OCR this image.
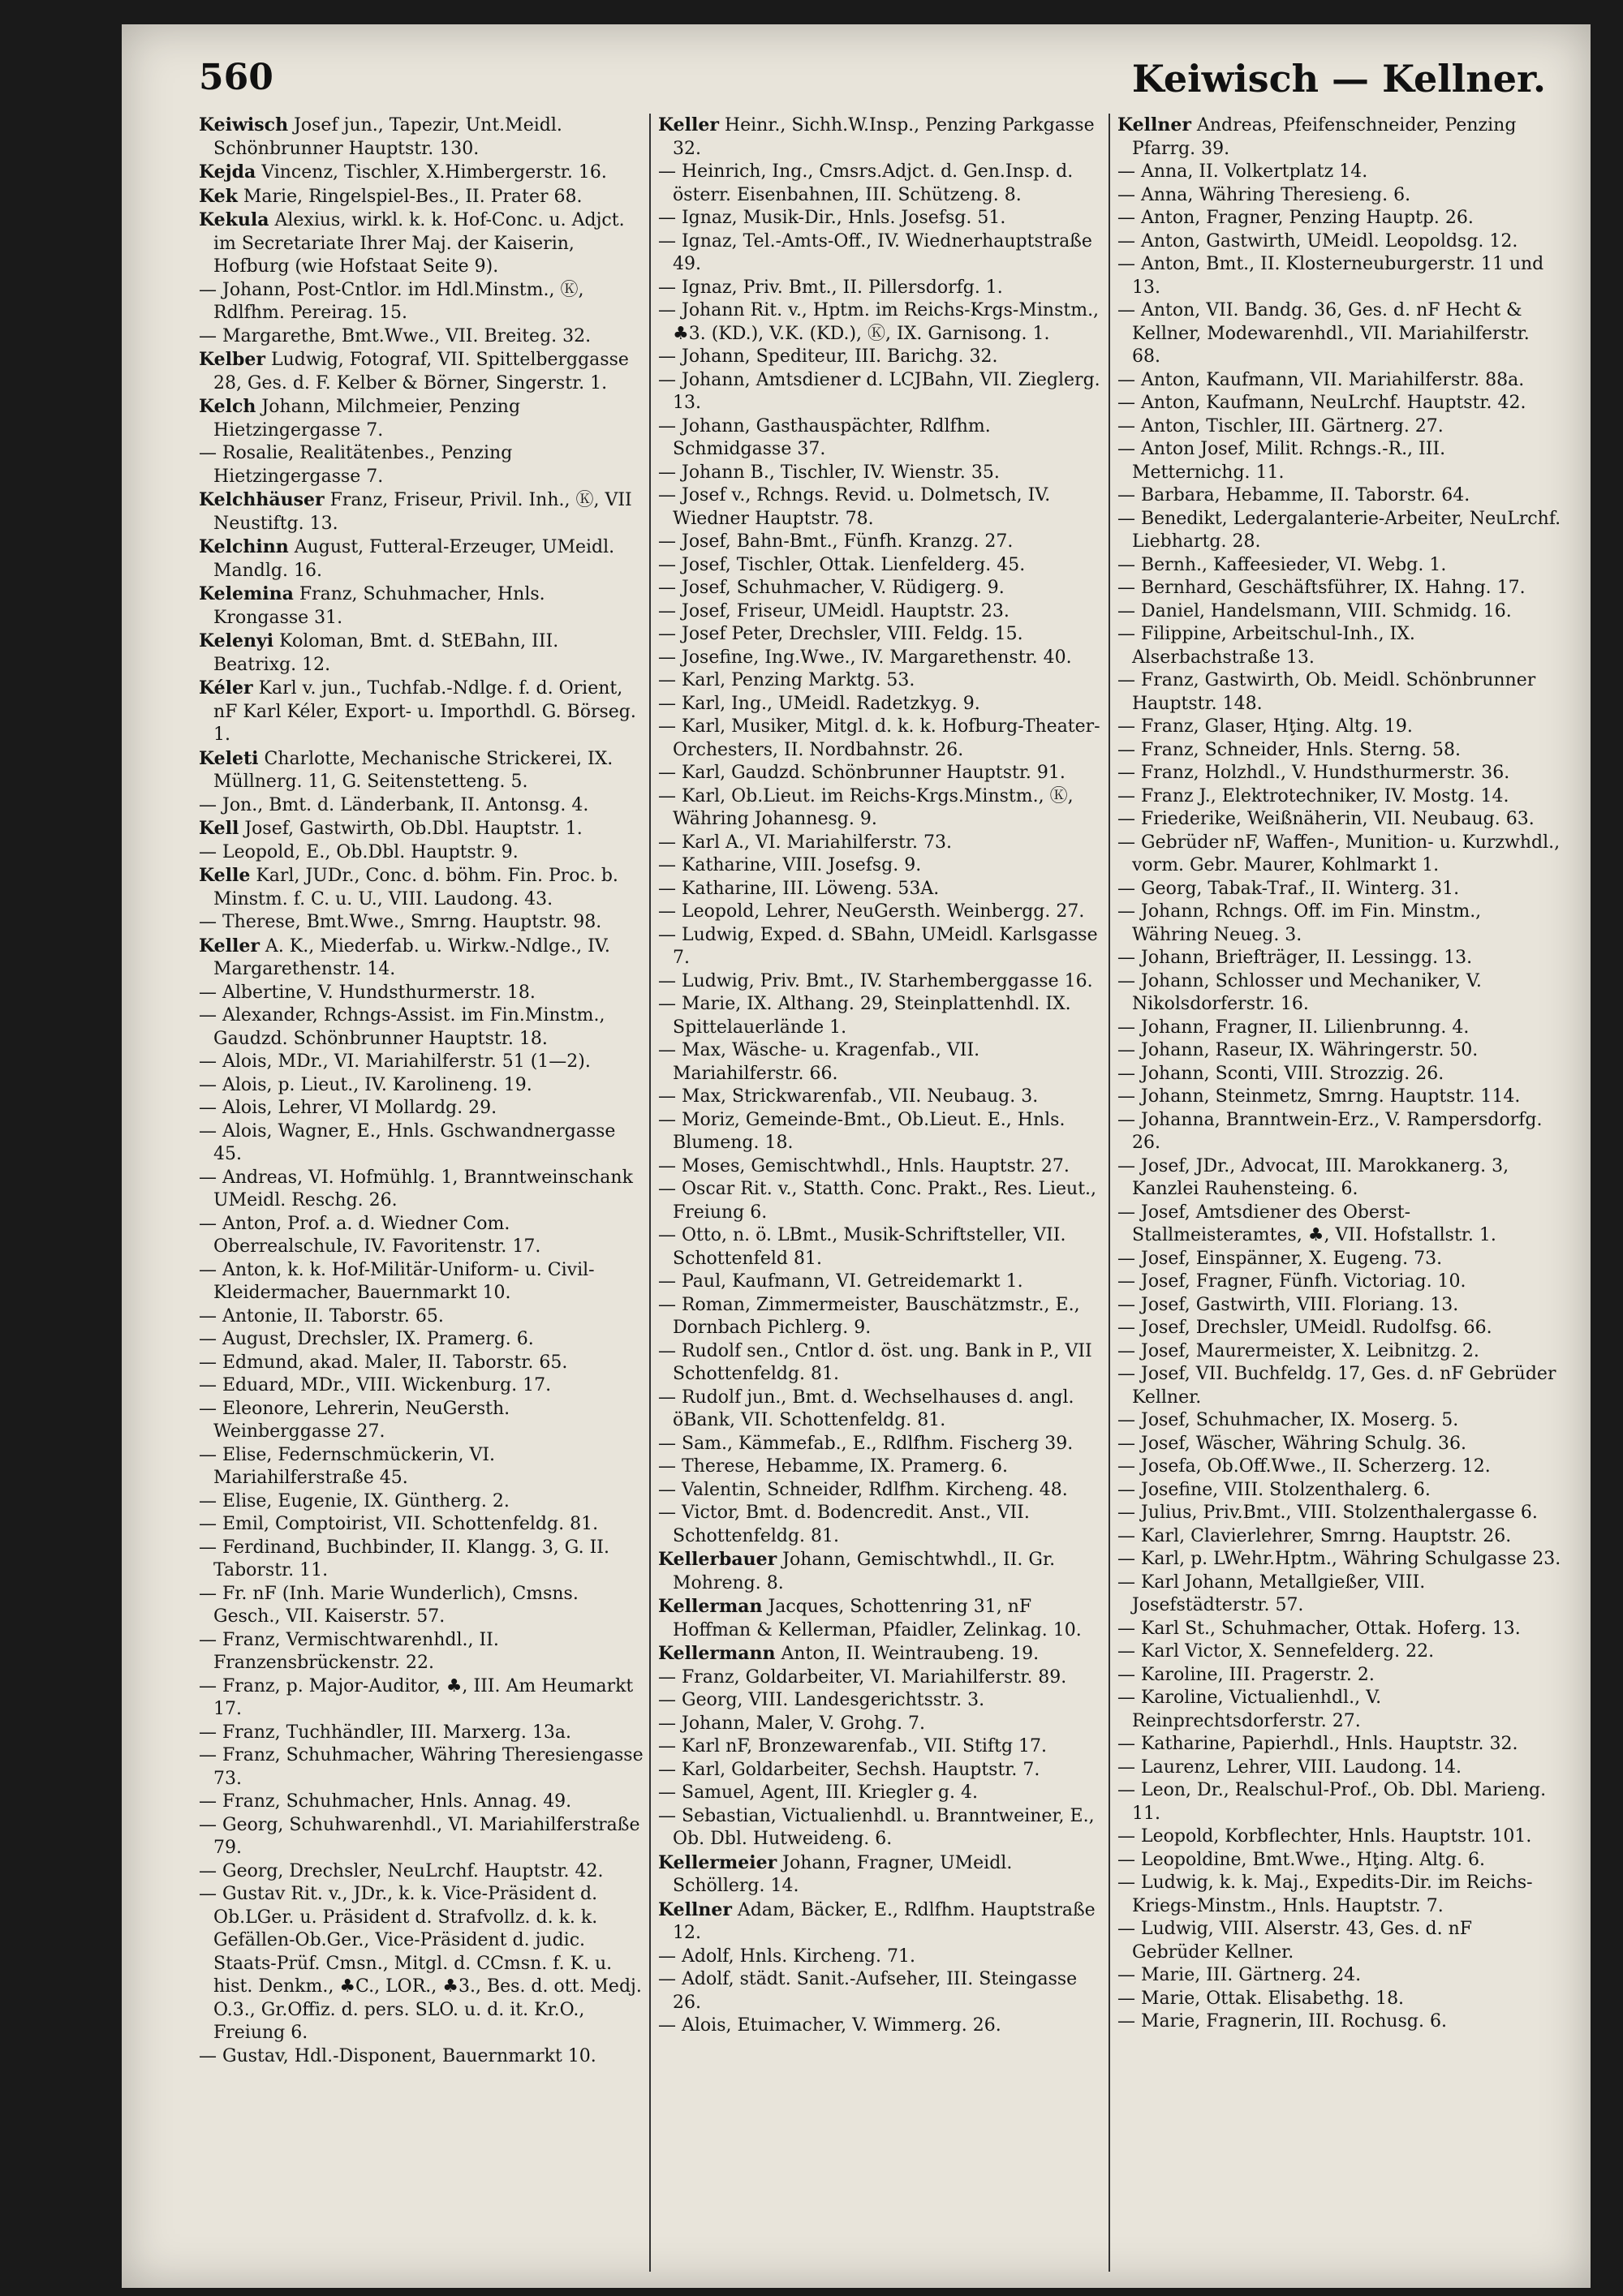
560	Keiwisch — Kellner.
Keiwisch Josef jun., Tapezir, Unt.Meidl. Schönbrunner Hauptstr. 130.
Kejda Vincenz, Tischler, X.Himbergerstr. 16.
Kek Marie, Ringelspiel-Bes., II. Prater 68.
Kekula Alexius, wirkl. k. k. Hof-Conc. u. Adjct. im Secretariate Ihrer Maj. der Kaiserin, Hofburg (wie Hofstaat Seite 9).
— Johann, Post-Cntlor. im Hdl.Minstm., Ⓚ, Rdlfhm. Pereirag. 15.
— Margarethe, Bmt.Wwe., VII. Breiteg. 32.
Kelber Ludwig, Fotograf, VII. Spittelberggasse 28, Ges. d. F. Kelber & Börner, Singerstr. 1.
Kelch Johann, Milchmeier, Penzing Hietzingergasse 7.
— Rosalie, Realitätenbes., Penzing Hietzingergasse 7.
Kelchhäuser Franz, Friseur, Privil. Inh., Ⓚ, VII Neustiftg. 13.
Kelchinn August, Futteral-Erzeuger, UMeidl. Mandlg. 16.
Kelemina Franz, Schuhmacher, Hnls. Krongasse 31.
Kelenyi Koloman, Bmt. d. StEBahn, III. Beatrixg. 12.
Kéler Karl v. jun., Tuchfab.-Ndlge. f. d. Orient, nF Karl Kéler, Export- u. Importhdl. G. Börseg. 1.
Keleti Charlotte, Mechanische Strickerei, IX. Müllnerg. 11, G. Seitenstetteng. 5.
— Jon., Bmt. d. Länderbank, II. Antonsg. 4.
Kell Josef, Gastwirth, Ob.Dbl. Hauptstr. 1.
— Leopold, E., Ob.Dbl. Hauptstr. 9.
Kelle Karl, JUDr., Conc. d. böhm. Fin. Proc. b. Minstm. f. C. u. U., VIII. Laudong. 43.
— Therese, Bmt.Wwe., Smrng. Hauptstr. 98.
Keller A. K., Miederfab. u. Wirkw.-Ndlge., IV. Margarethenstr. 14.
— Albertine, V. Hundsthurmerstr. 18.
— Alexander, Rchngs-Assist. im Fin.Minstm., Gaudzd. Schönbrunner Hauptstr. 18.
— Alois, MDr., VI. Mariahilferstr. 51 (1—2).
— Alois, p. Lieut., IV. Karolineng. 19.
— Alois, Lehrer, VI Mollardg. 29.
— Alois, Wagner, E., Hnls. Gschwandnergasse 45.
— Andreas, VI. Hofmühlg. 1, Branntweinschank UMeidl. Reschg. 26.
— Anton, Prof. a. d. Wiedner Com. Oberrealschule, IV. Favoritenstr. 17.
— Anton, k. k. Hof-Militär-Uniform- u. Civil-Kleidermacher, Bauernmarkt 10.
— Antonie, II. Taborstr. 65.
— August, Drechsler, IX. Pramerg. 6.
— Edmund, akad. Maler, II. Taborstr. 65.
— Eduard, MDr., VIII. Wickenburg. 17.
— Eleonore, Lehrerin, NeuGersth. Weinberggasse 27.
— Elise, Federnschmückerin, VI. Mariahilferstraße 45.
— Elise, Eugenie, IX. Güntherg. 2.
— Emil, Comptoirist, VII. Schottenfeldg. 81.
— Ferdinand, Buchbinder, II. Klangg. 3, G. II. Taborstr. 11.
— Fr. nF (Inh. Marie Wunderlich), Cmsns. Gesch., VII. Kaiserstr. 57.
— Franz, Vermischtwarenhdl., II. Franzensbrückenstr. 22.
— Franz, p. Major-Auditor, ♣, III. Am Heumarkt 17.
— Franz, Tuchhändler, III. Marxerg. 13a.
— Franz, Schuhmacher, Währing Theresiengasse 73.
— Franz, Schuhmacher, Hnls. Annag. 49.
— Georg, Schuhwarenhdl., VI. Mariahilferstraße 79.
— Georg, Drechsler, NeuLrchf. Hauptstr. 42.
— Gustav Rit. v., JDr., k. k. Vice-Präsident d. Ob.LGer. u. Präsident d. Strafvollz. d. k. k. Gefällen-Ob.Ger., Vice-Präsident d. judic. Staats-Prüf. Cmsn., Mitgl. d. CCmsn. f. K. u. hist. Denkm., ♣C., LOR., ♣3., Bes. d. ott. Medj. O.3., Gr.Offiz. d. pers. SLO. u. d. it. Kr.O., Freiung 6.
— Gustav, Hdl.-Disponent, Bauernmarkt 10.
Keller Heinr., Sichh.W.Insp., Penzing Parkgasse 32.
— Heinrich, Ing., Cmsrs.Adjct. d. Gen.Insp. d. österr. Eisenbahnen, III. Schützeng. 8.
— Ignaz, Musik-Dir., Hnls. Josefsg. 51.
— Ignaz, Tel.-Amts-Off., IV. Wiednerhauptstraße 49.
— Ignaz, Priv. Bmt., II. Pillersdorfg. 1.
— Johann Rit. v., Hptm. im Reichs-Krgs-Minstm., ♣3. (KD.), V.K. (KD.), Ⓚ, IX. Garnisong. 1.
— Johann, Spediteur, III. Barichg. 32.
— Johann, Amtsdiener d. LCJBahn, VII. Zieglerg. 13.
— Johann, Gasthauspächter, Rdlfhm. Schmidgasse 37.
— Johann B., Tischler, IV. Wienstr. 35.
— Josef v., Rchngs. Revid. u. Dolmetsch, IV. Wiedner Hauptstr. 78.
— Josef, Bahn-Bmt., Fünfh. Kranzg. 27.
— Josef, Tischler, Ottak. Lienfelderg. 45.
— Josef, Schuhmacher, V. Rüdigerg. 9.
— Josef, Friseur, UMeidl. Hauptstr. 23.
— Josef Peter, Drechsler, VIII. Feldg. 15.
— Josefine, Ing.Wwe., IV. Margarethenstr. 40.
— Karl, Penzing Marktg. 53.
— Karl, Ing., UMeidl. Radetzkyg. 9.
— Karl, Musiker, Mitgl. d. k. k. Hofburg-Theater-Orchesters, II. Nordbahnstr. 26.
— Karl, Gaudzd. Schönbrunner Hauptstr. 91.
— Karl, Ob.Lieut. im Reichs-Krgs.Minstm., Ⓚ, Währing Johannesg. 9.
— Karl A., VI. Mariahilferstr. 73.
— Katharine, VIII. Josefsg. 9.
— Katharine, III. Löweng. 53A.
— Leopold, Lehrer, NeuGersth. Weinbergg. 27.
— Ludwig, Exped. d. SBahn, UMeidl. Karlsgasse 7.
— Ludwig, Priv. Bmt., IV. Starhemberggasse 16.
— Marie, IX. Althang. 29, Steinplattenhdl. IX. Spittelauerlände 1.
— Max, Wäsche- u. Kragenfab., VII. Mariahilferstr. 66.
— Max, Strickwarenfab., VII. Neubaug. 3.
— Moriz, Gemeinde-Bmt., Ob.Lieut. E., Hnls. Blumeng. 18.
— Moses, Gemischtwhdl., Hnls. Hauptstr. 27.
— Oscar Rit. v., Statth. Conc. Prakt., Res. Lieut., Freiung 6.
— Otto, n. ö. LBmt., Musik-Schriftsteller, VII. Schottenfeld 81.
— Paul, Kaufmann, VI. Getreidemarkt 1.
— Roman, Zimmermeister, Bauschätzmstr., E., Dornbach Pichlerg. 9.
— Rudolf sen., Cntlor d. öst. ung. Bank in P., VII Schottenfeldg. 81.
— Rudolf jun., Bmt. d. Wechselhauses d. angl. öBank, VII. Schottenfeldg. 81.
— Sam., Kämmefab., E., Rdlfhm. Fischerg 39.
— Therese, Hebamme, IX. Pramerg. 6.
— Valentin, Schneider, Rdlfhm. Kircheng. 48.
— Victor, Bmt. d. Bodencredit. Anst., VII. Schottenfeldg. 81.
Kellerbauer Johann, Gemischtwhdl., II. Gr. Mohreng. 8.
Kellerman Jacques, Schottenring 31, nF Hoffman & Kellerman, Pfaidler, Zelinkag. 10.
Kellermann Anton, II. Weintraubeng. 19.
— Franz, Goldarbeiter, VI. Mariahilferstr. 89.
— Georg, VIII. Landesgerichtsstr. 3.
— Johann, Maler, V. Grohg. 7.
— Karl nF, Bronzewarenfab., VII. Stiftg 17.
— Karl, Goldarbeiter, Sechsh. Hauptstr. 7.
— Samuel, Agent, III. Kriegler g. 4.
— Sebastian, Victualienhdl. u. Branntweiner, E., Ob. Dbl. Hutweideng. 6.
Kellermeier Johann, Fragner, UMeidl. Schöllerg. 14.
Kellner Adam, Bäcker, E., Rdlfhm. Hauptstraße 12.
— Adolf, Hnls. Kircheng. 71.
— Adolf, städt. Sanit.-Aufseher, III. Steingasse 26.
— Alois, Etuimacher, V. Wimmerg. 26.
Kellner Andreas, Pfeifenschneider, Penzing Pfarrg. 39.
— Anna, II. Volkertplatz 14.
— Anna, Währing Theresieng. 6.
— Anton, Fragner, Penzing Hauptp. 26.
— Anton, Gastwirth, UMeidl. Leopoldsg. 12.
— Anton, Bmt., II. Klosterneuburgerstr. 11 und 13.
— Anton, VII. Bandg. 36, Ges. d. nF Hecht & Kellner, Modewarenhdl., VII. Mariahilferstr. 68.
— Anton, Kaufmann, VII. Mariahilferstr. 88a.
— Anton, Kaufmann, NeuLrchf. Hauptstr. 42.
— Anton, Tischler, III. Gärtnerg. 27.
— Anton Josef, Milit. Rchngs.-R., III. Metternichg. 11.
— Barbara, Hebamme, II. Taborstr. 64.
— Benedikt, Ledergalanterie-Arbeiter, NeuLrchf. Liebhartg. 28.
— Bernh., Kaffeesieder, VI. Webg. 1.
— Bernhard, Geschäftsführer, IX. Hahng. 17.
— Daniel, Handelsmann, VIII. Schmidg. 16.
— Filippine, Arbeitschul-Inh., IX. Alserbachstraße 13.
— Franz, Gastwirth, Ob. Meidl. Schönbrunner Hauptstr. 148.
— Franz, Glaser, Hţing. Altg. 19.
— Franz, Schneider, Hnls. Sterng. 58.
— Franz, Holzhdl., V. Hundsthurmerstr. 36.
— Franz J., Elektrotechniker, IV. Mostg. 14.
— Friederike, Weißnäherin, VII. Neubaug. 63.
— Gebrüder nF, Waffen-, Munition- u. Kurzwhdl., vorm. Gebr. Maurer, Kohlmarkt 1.
— Georg, Tabak-Traf., II. Winterg. 31.
— Johann, Rchngs. Off. im Fin. Minstm., Währing Neueg. 3.
— Johann, Briefträger, II. Lessingg. 13.
— Johann, Schlosser und Mechaniker, V. Nikolsdorferstr. 16.
— Johann, Fragner, II. Lilienbrunng. 4.
— Johann, Raseur, IX. Währingerstr. 50.
— Johann, Sconti, VIII. Strozzig. 26.
— Johann, Steinmetz, Smrng. Hauptstr. 114.
— Johanna, Branntwein-Erz., V. Rampersdorfg. 26.
— Josef, JDr., Advocat, III. Marokkanerg. 3, Kanzlei Rauhensteing. 6.
— Josef, Amtsdiener des Oberst-Stallmeisteramtes, ♣, VII. Hofstallstr. 1.
— Josef, Einspänner, X. Eugeng. 73.
— Josef, Fragner, Fünfh. Victoriag. 10.
— Josef, Gastwirth, VIII. Floriang. 13.
— Josef, Drechsler, UMeidl. Rudolfsg. 66.
— Josef, Maurermeister, X. Leibnitzg. 2.
— Josef, VII. Buchfeldg. 17, Ges. d. nF Gebrüder Kellner.
— Josef, Schuhmacher, IX. Moserg. 5.
— Josef, Wäscher, Währing Schulg. 36.
— Josefa, Ob.Off.Wwe., II. Scherzerg. 12.
— Josefine, VIII. Stolzenthalerg. 6.
— Julius, Priv.Bmt., VIII. Stolzenthalergasse 6.
— Karl, Clavierlehrer, Smrng. Hauptstr. 26.
— Karl, p. LWehr.Hptm., Währing Schulgasse 23.
— Karl Johann, Metallgießer, VIII. Josefstädterstr. 57.
— Karl St., Schuhmacher, Ottak. Hoferg. 13.
— Karl Victor, X. Sennefelderg. 22.
— Karoline, III. Pragerstr. 2.
— Karoline, Victualienhdl., V. Reinprechtsdorferstr. 27.
— Katharine, Papierhdl., Hnls. Hauptstr. 32.
— Laurenz, Lehrer, VIII. Laudong. 14.
— Leon, Dr., Realschul-Prof., Ob. Dbl. Marieng. 11.
— Leopold, Korbflechter, Hnls. Hauptstr. 101.
— Leopoldine, Bmt.Wwe., Hţing. Altg. 6.
— Ludwig, k. k. Maj., Expedits-Dir. im Reichs-Kriegs-Minstm., Hnls. Hauptstr. 7.
— Ludwig, VIII. Alserstr. 43, Ges. d. nF Gebrüder Kellner.
— Marie, III. Gärtnerg. 24.
— Marie, Ottak. Elisabethg. 18.
— Marie, Fragnerin, III. Rochusg. 6.
